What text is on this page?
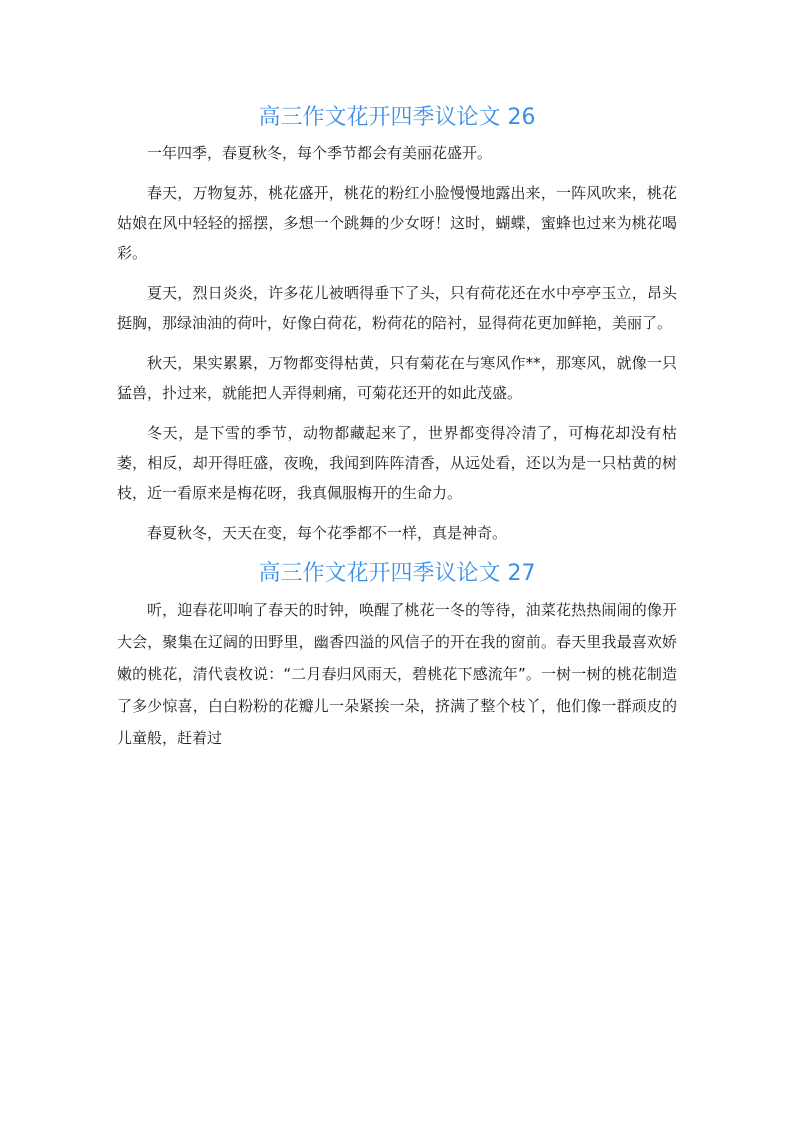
高三作文花开四季议论文 26

一年四季，春夏秋冬，每个季节都会有美丽花盛开。

春天，万物复苏，桃花盛开，桃花的粉红小脸慢慢地露出来，一阵风吹来，桃花姑娘在风中轻轻的摇摆，多想一个跳舞的少女呀！这时，蝴蝶，蜜蜂也过来为桃花喝彩。

夏天，烈日炎炎，许多花儿被晒得垂下了头，只有荷花还在水中亭亭玉立，昂头挺胸，那绿油油的荷叶，好像白荷花，粉荷花的陪衬，显得荷花更加鲜艳，美丽了。

秋天，果实累累，万物都变得枯黄，只有菊花在与寒风作**，那寒风，就像一只猛兽，扑过来，就能把人弄得刺痛，可菊花还开的如此茂盛。

冬天，是下雪的季节，动物都藏起来了，世界都变得冷清了，可梅花却没有枯萎，相反，却开得旺盛，夜晚，我闻到阵阵清香，从远处看，还以为是一只枯黄的树枝，近一看原来是梅花呀，我真佩服梅开的生命力。

春夏秋冬，天天在变，每个花季都不一样，真是神奇。

高三作文花开四季议论文 27

听，迎春花叩响了春天的时钟，唤醒了桃花一冬的等待，油菜花热热闹闹的像开大会，聚集在辽阔的田野里，幽香四溢的风信子的开在我的窗前。春天里我最喜欢娇嫩的桃花，清代袁枚说：“二月春归风雨天，碧桃花下感流年”。一树一树的桃花制造了多少惊喜，白白粉粉的花瓣儿一朵紧挨一朵，挤满了整个枝丫，他们像一群顽皮的儿童般，赶着过
